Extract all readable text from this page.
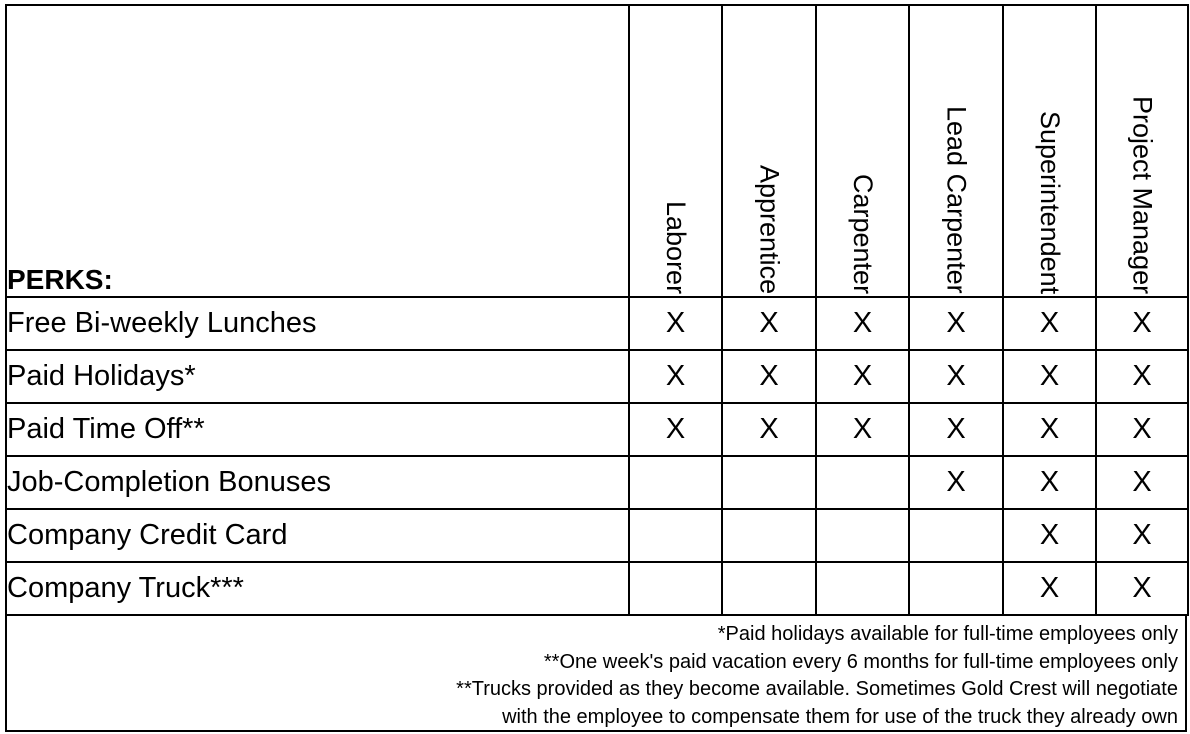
PERKS:	Laborer	Apprentice	Carpenter	Lead Carpenter	Superintendent	Project Manager

Free Bi-weekly Lunches	X	X	X	X	X	X
Paid Holidays*	X	X	X	X	X	X
Paid Time Off**	X	X	X	X	X	X
Job-Completion Bonuses				X	X	X
Company Credit Card					X	X
Company Truck***					X	X
*Paid holidays available for full-time employees only
**One week's paid vacation every 6 months for full-time employees only
**Trucks provided as they become available. Sometimes Gold Crest will negotiate
with the employee to compensate them for use of the truck they already own
